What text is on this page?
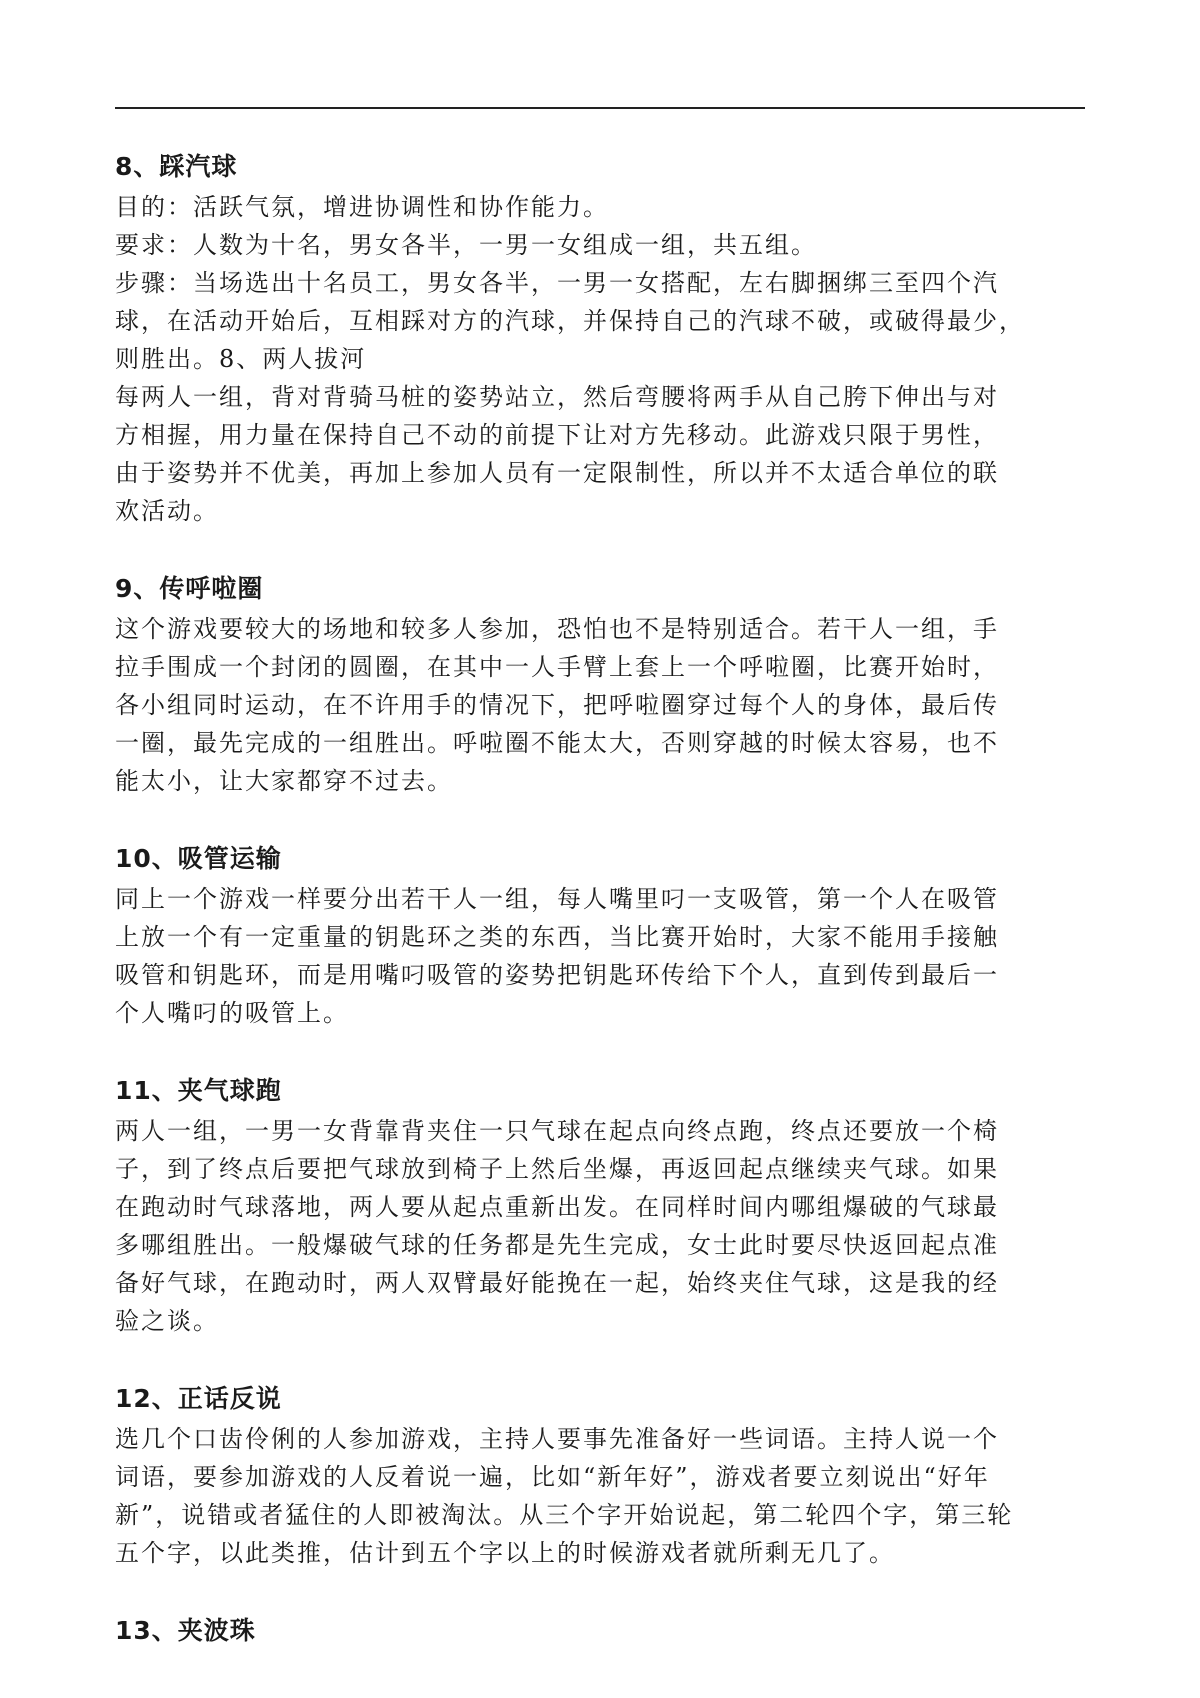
8、踩汽球
目的：活跃气氛，增进协调性和协作能力。
要求：人数为十名，男女各半，一男一女组成一组，共五组。
步骤：当场选出十名员工，男女各半，一男一女搭配，左右脚捆绑三至四个汽
球，在活动开始后，互相踩对方的汽球，并保持自己的汽球不破，或破得最少，
则胜出。8、两人拔河
每两人一组，背对背骑马桩的姿势站立，然后弯腰将两手从自己胯下伸出与对
方相握，用力量在保持自己不动的前提下让对方先移动。此游戏只限于男性，
由于姿势并不优美，再加上参加人员有一定限制性，所以并不太适合单位的联
欢活动。
9、传呼啦圈
这个游戏要较大的场地和较多人参加，恐怕也不是特别适合。若干人一组，手
拉手围成一个封闭的圆圈，在其中一人手臂上套上一个呼啦圈，比赛开始时，
各小组同时运动，在不许用手的情况下，把呼啦圈穿过每个人的身体，最后传
一圈，最先完成的一组胜出。呼啦圈不能太大，否则穿越的时候太容易，也不
能太小，让大家都穿不过去。
10、吸管运输
同上一个游戏一样要分出若干人一组，每人嘴里叼一支吸管，第一个人在吸管
上放一个有一定重量的钥匙环之类的东西，当比赛开始时，大家不能用手接触
吸管和钥匙环，而是用嘴叼吸管的姿势把钥匙环传给下个人，直到传到最后一
个人嘴叼的吸管上。
11、夹气球跑
两人一组，一男一女背靠背夹住一只气球在起点向终点跑，终点还要放一个椅
子，到了终点后要把气球放到椅子上然后坐爆，再返回起点继续夹气球。如果
在跑动时气球落地，两人要从起点重新出发。在同样时间内哪组爆破的气球最
多哪组胜出。一般爆破气球的任务都是先生完成，女士此时要尽快返回起点准
备好气球，在跑动时，两人双臂最好能挽在一起，始终夹住气球，这是我的经
验之谈。
12、正话反说
选几个口齿伶俐的人参加游戏，主持人要事先准备好一些词语。主持人说一个
词语，要参加游戏的人反着说一遍，比如“新年好”，游戏者要立刻说出“好年
新”，说错或者猛住的人即被淘汰。从三个字开始说起，第二轮四个字，第三轮
五个字，以此类推，估计到五个字以上的时候游戏者就所剩无几了。
13、夹波珠
